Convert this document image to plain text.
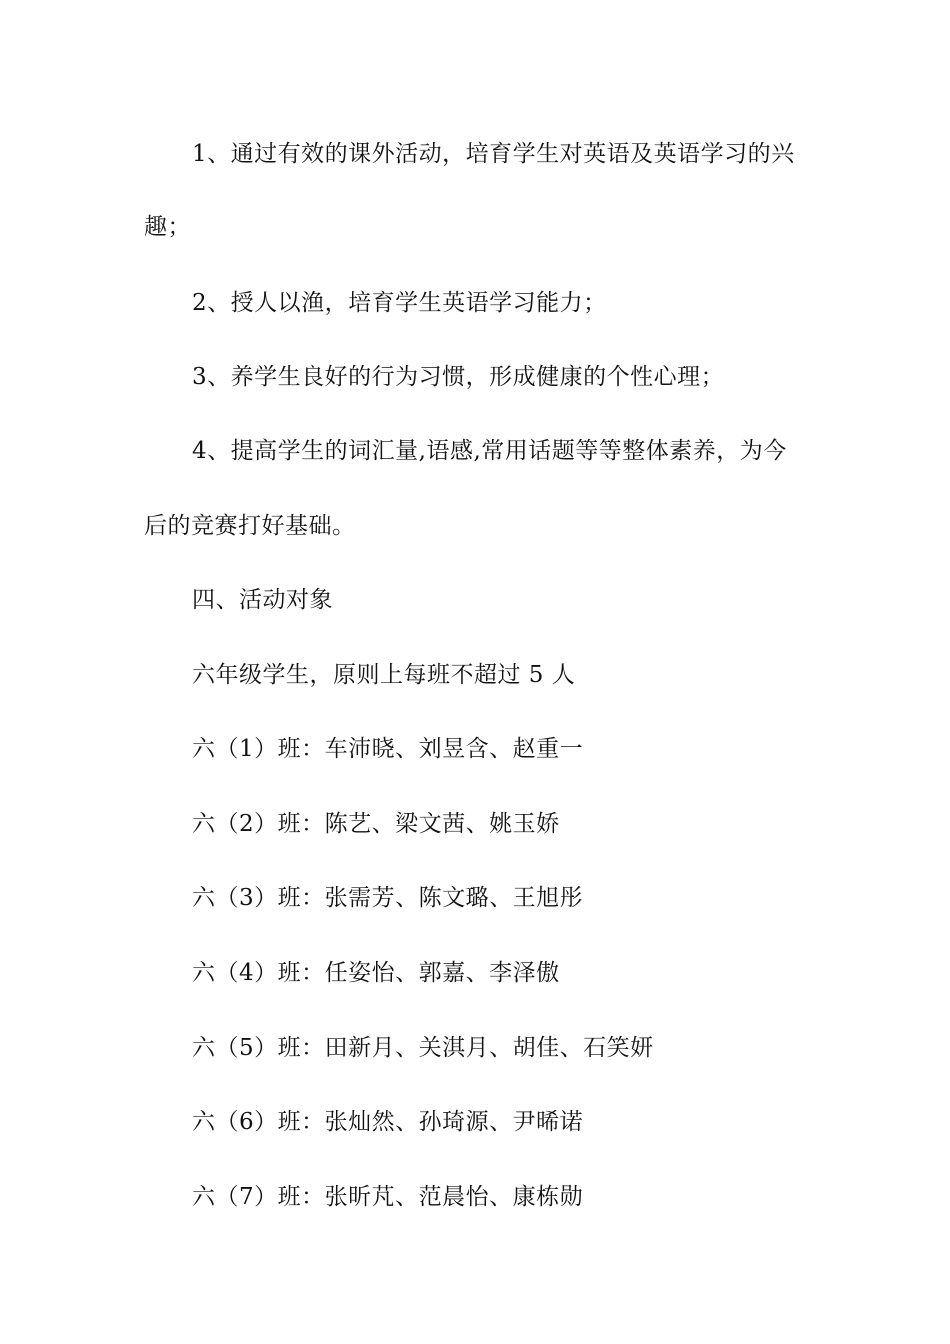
1、通过有效的课外活动，培育学生对英语及英语学习的兴
趣；
2、授人以渔，培育学生英语学习能力；
3、养学生良好的行为习惯，形成健康的个性心理；
4、提高学生的词汇量,语感,常用话题等等整体素养，为今
后的竞赛打好基础。
四、活动对象
六年级学生，原则上每班不超过 5 人
六（1）班：车沛晓、刘昱含、赵重一
六（2）班：陈艺、梁文茜、姚玉娇
六（3）班：张需芳、陈文璐、王旭彤
六（4）班：任姿怡、郭嘉、李泽傲
六（5）班：田新月、关淇月、胡佳、石笑妍
六（6）班：张灿然、孙琦源、尹晞诺
六（7）班：张昕芃、范晨怡、康栋勋
